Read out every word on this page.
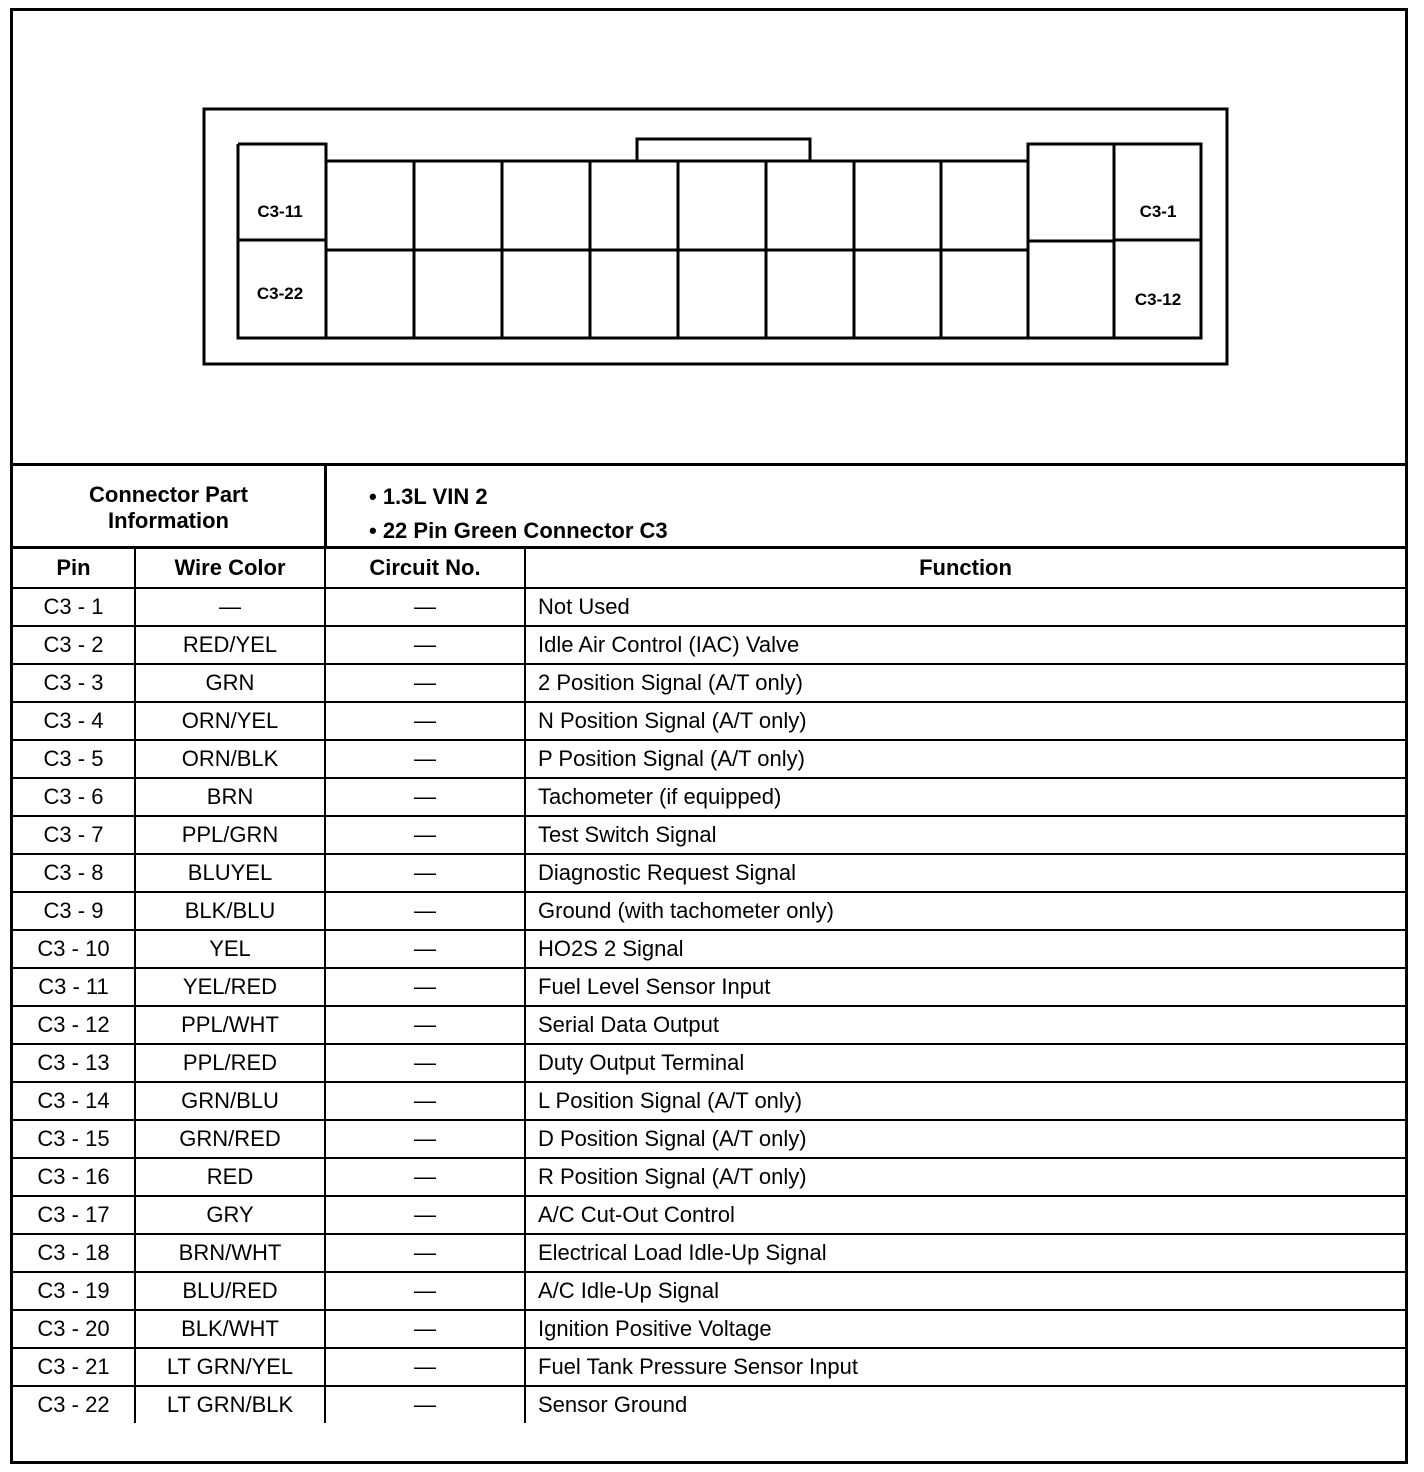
C3-11
C3-22
C3-1
C3-12
Connector Part Information
• 1.3L VIN 2
• 22 Pin Green Connector C3
Pin	Wire Color	Circuit No.	Function
C3 - 1	—	—	Not Used
C3 - 2	RED/YEL	—	Idle Air Control (IAC) Valve
C3 - 3	GRN	—	2 Position Signal (A/T only)
C3 - 4	ORN/YEL	—	N Position Signal (A/T only)
C3 - 5	ORN/BLK	—	P Position Signal (A/T only)
C3 - 6	BRN	—	Tachometer (if equipped)
C3 - 7	PPL/GRN	—	Test Switch Signal
C3 - 8	BLUYEL	—	Diagnostic Request Signal
C3 - 9	BLK/BLU	—	Ground (with tachometer only)
C3 - 10	YEL	—	HO2S 2 Signal
C3 - 11	YEL/RED	—	Fuel Level Sensor Input
C3 - 12	PPL/WHT	—	Serial Data Output
C3 - 13	PPL/RED	—	Duty Output Terminal
C3 - 14	GRN/BLU	—	L Position Signal (A/T only)
C3 - 15	GRN/RED	—	D Position Signal (A/T only)
C3 - 16	RED	—	R Position Signal (A/T only)
C3 - 17	GRY	—	A/C Cut-Out Control
C3 - 18	BRN/WHT	—	Electrical Load Idle-Up Signal
C3 - 19	BLU/RED	—	A/C Idle-Up Signal
C3 - 20	BLK/WHT	—	Ignition Positive Voltage
C3 - 21	LT GRN/YEL	—	Fuel Tank Pressure Sensor Input
C3 - 22	LT GRN/BLK	—	Sensor Ground
